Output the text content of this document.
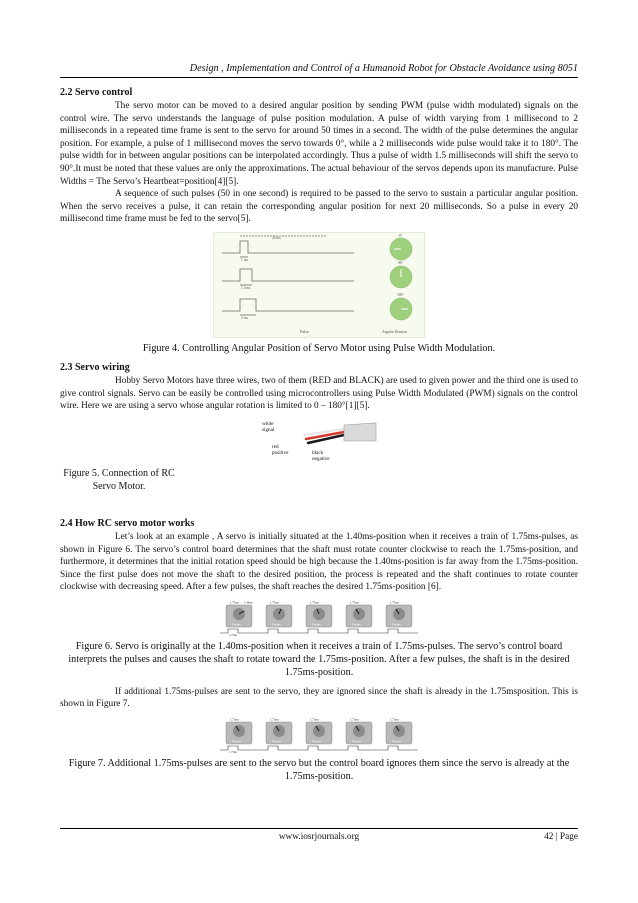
Design , Implementation and Control of a Humanoid Robot for Obstacle Avoidance using 8051
2.2 Servo control

The servo motor can be moved to a desired angular position by sending PWM (pulse width modulated) signals on the control wire. The servo understands the language of pulse position modulation. A pulse of width varying from 1 millisecond to 2 milliseconds in a repeated time frame is sent to the servo for around 50 times in a second. The width of the pulse determines the angular position. For example, a pulse of 1 millisecond moves the servo towards 0°, while a 2 milliseconds wide pulse would take it to 180°. The pulse width for in between angular positions can be interpolated accordingly. Thus a pulse of width 1.5 milliseconds will shift the servo to 90°.It must be noted that these values are only the approximations. The actual behaviour of the servos depends upon its manufacture. Pulse Widths = The Servo’s Heartbeat=position[4][5].

A sequence of such pulses (50 in one second) is required to be passed to the servo to sustain a particular angular position. When the servo receives a pulse, it can retain the corresponding angular position for next 20 milliseconds. So a pulse in every 20 millisecond time frame must be fed to the servo[5].

20 ms
1 ms
1.5 ms
2 ms
Pulse
0°
90°
180°
Angular Rotation
Figure 4. Controlling Angular Position of Servo Motor using Pulse Width Modulation.
2.3 Servo wiring

Hobby Servo Motors have three wires, two of them (RED and BLACK) are used to given power and the third one is used to give control signals. Servo can be easily be controlled using microcontrollers using Pulse Width Modulated (PWM) signals on the control wire. Here we are using a servo whose angular rotation is limited to 0 – 180°[1][5].

white
signal
red
positive	black
negative
Figure 5. Connection of RC Servo Motor.
2.4 How RC servo motor works

Let’s look at an example , A servo is initially situated at the 1.40ms-position when it receives a train of 1.75ms-pulses, as shown in Figure 6. The servo’s control board determines that the shaft must rotate counter clockwise to reach the 1.75ms-position, and furthermore, it determines that the initial rotation speed should be high because the 1.40ms-position is far away from the 1.75ms-position. Since the first pulse does not move the shaft to the desired position, the process is repeated and the shaft continues to rotate counter clockwise with decreasing speed. After a few pulses, the shaft reaches the desired 1.75ms-position [6].

1.75ms 1.40ms	1.75ms	1.75ms	1.75ms	1.75ms
Futaba	Futaba	Futaba	Futaba	Futaba
1.75ms
Figure 6. Servo is originally at the 1.40ms-position when it receives a train of 1.75ms-pulses. The servo’s control board interprets the pulses and causes the shaft to rotate toward the 1.75ms-position. After a few pulses, the shaft is in the desired 1.75ms-position.

If additional 1.75ms-pulses are sent to the servo, they are ignored since the shaft is already in the 1.75msposition. This is shown in Figure 7.

1.75ms	1.75ms	1.75ms	1.75ms	1.75ms
Futaba	Futaba	Futaba	Futaba	Futaba
1.75ms
Figure 7. Additional 1.75ms-pulses are sent to the servo but the control board ignores them since the servo is already at the 1.75ms-position.
www.iosrjournals.org	42 | Page
